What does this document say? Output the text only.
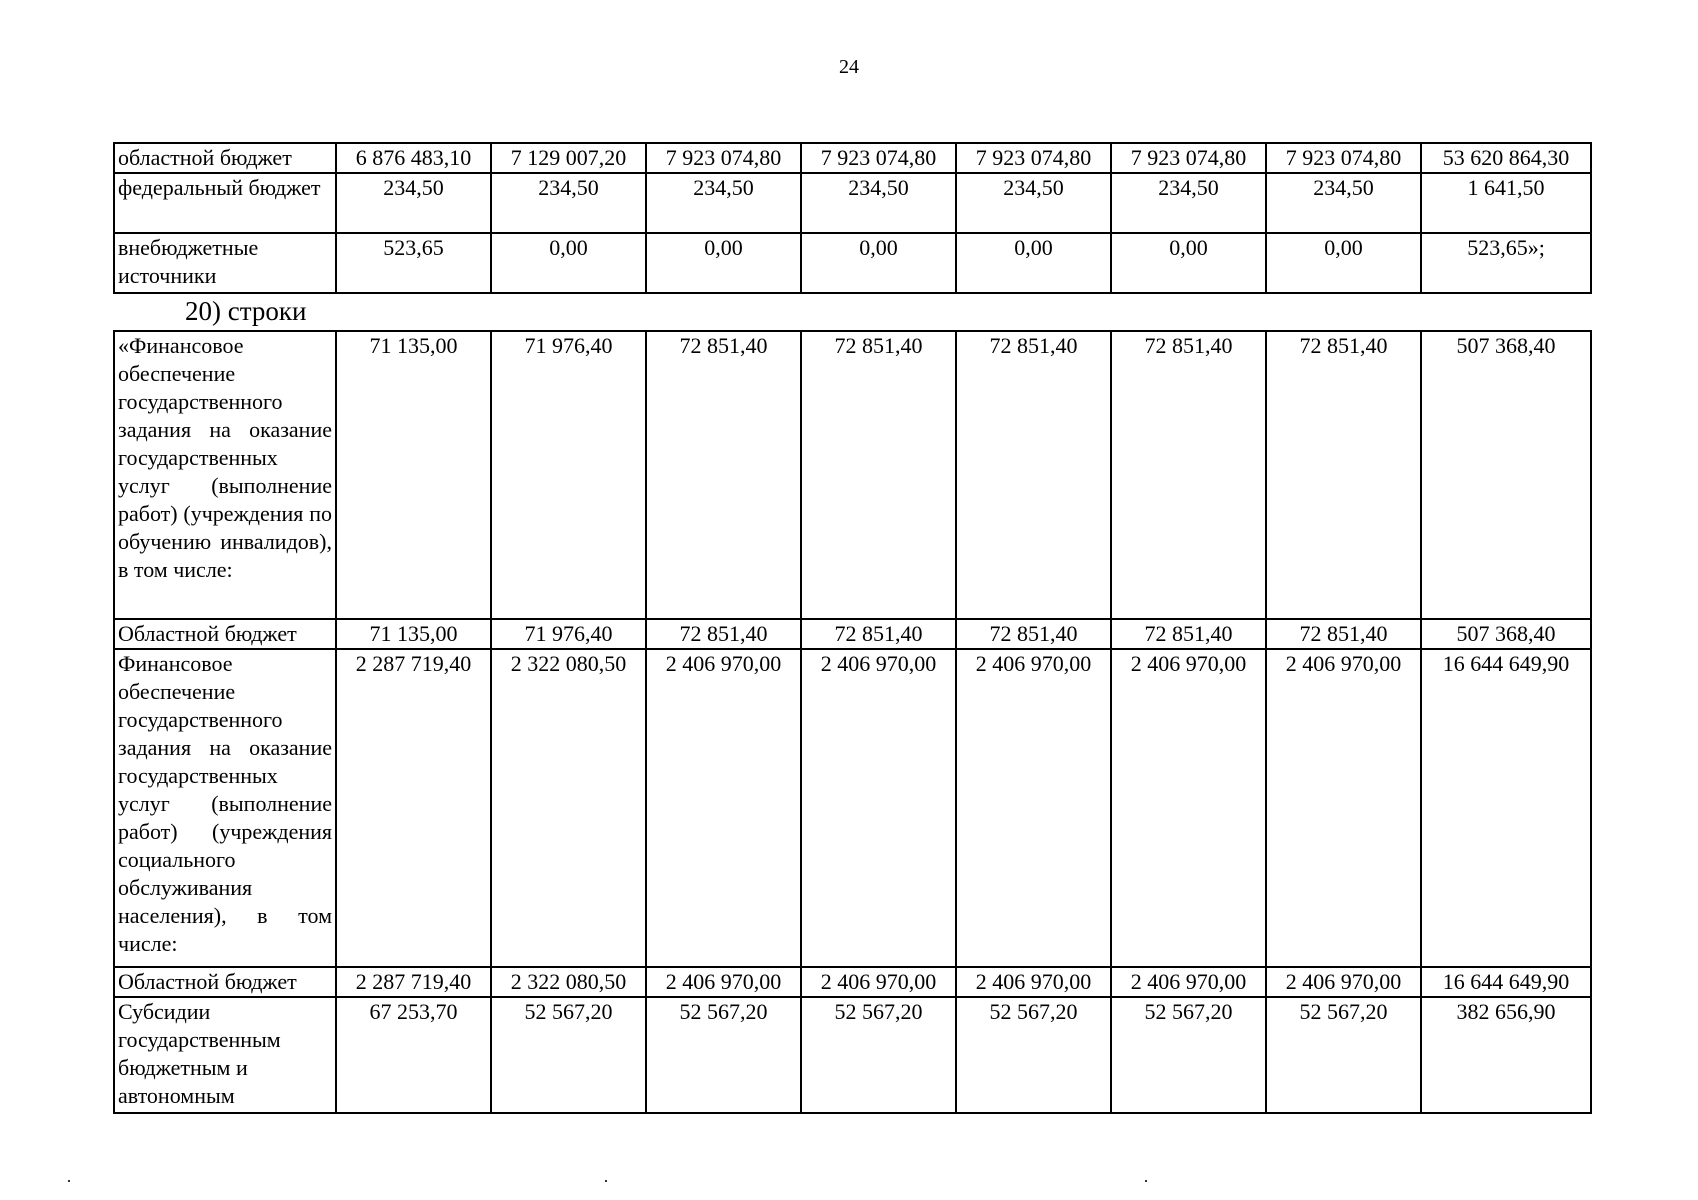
24
областной бюджет	6 876 483,10	7 129 007,20	7 923 074,80	7 923 074,80	7 923 074,80	7 923 074,80	7 923 074,80	53 620 864,30
федеральный бюджет	234,50	234,50	234,50	234,50	234,50	234,50	234,50	1 641,50
внебюджетные источники	523,65	0,00	0,00	0,00	0,00	0,00	0,00	523,65»;
20) строки
«Финансовое обеспечение государственного задания на оказание государственных услуг (выполнение работ) (учреждения по обучению инвалидов), в том числе:	71 135,00	71 976,40	72 851,40	72 851,40	72 851,40	72 851,40	72 851,40	507 368,40
Областной бюджет	71 135,00	71 976,40	72 851,40	72 851,40	72 851,40	72 851,40	72 851,40	507 368,40
Финансовое обеспечение государственного задания на оказание государственных услуг (выполнение работ) (учреждения социального обслуживания населения), в том числе:	2 287 719,40	2 322 080,50	2 406 970,00	2 406 970,00	2 406 970,00	2 406 970,00	2 406 970,00	16 644 649,90
Областной бюджет	2 287 719,40	2 322 080,50	2 406 970,00	2 406 970,00	2 406 970,00	2 406 970,00	2 406 970,00	16 644 649,90
Субсидии государственным бюджетным и автономным	67 253,70	52 567,20	52 567,20	52 567,20	52 567,20	52 567,20	52 567,20	382 656,90
